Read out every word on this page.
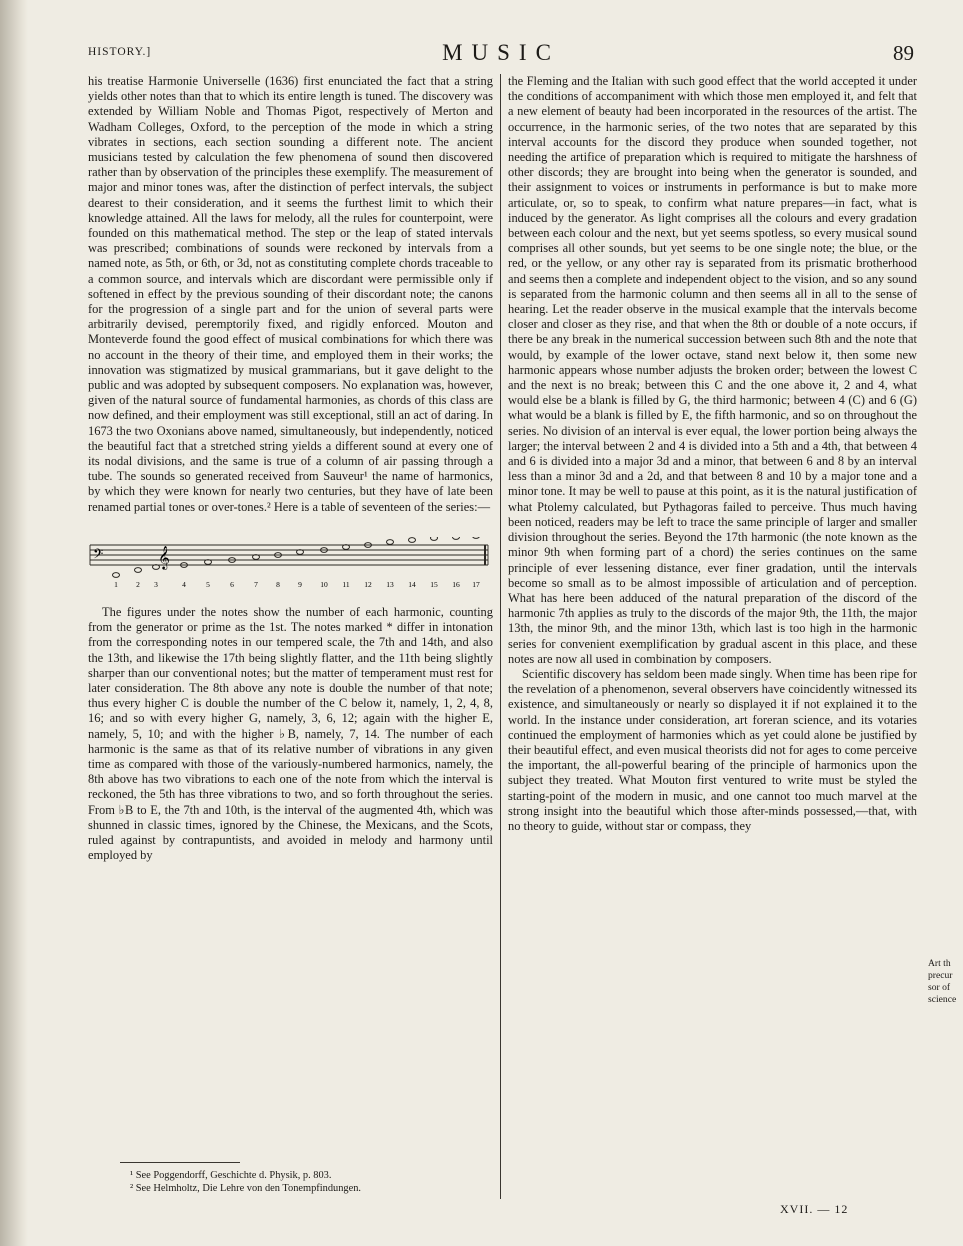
HISTORY.]	MUSIC	89

his treatise Harmonie Universelle (1636) first enunciated the fact that a string yields other notes than that to which its entire length is tuned. The discovery was extended by William Noble and Thomas Pigot, respectively of Merton and Wadham Colleges, Oxford, to the perception of the mode in which a string vibrates in sections, each section sounding a different note. The ancient musicians tested by calculation the few phenomena of sound then discovered rather than by observation of the principles these exemplify. The measurement of major and minor tones was, after the distinction of perfect intervals, the subject dearest to their consideration, and it seems the furthest limit to which their knowledge attained. All the laws for melody, all the rules for counterpoint, were founded on this mathematical method. The step or the leap of stated intervals was prescribed; combinations of sounds were reckoned by intervals from a named note, as 5th, or 6th, or 3d, not as constituting complete chords traceable to a common source, and intervals which are discordant were permissible only if softened in effect by the previous sounding of their discordant note; the canons for the progression of a single part and for the union of several parts were arbitrarily devised, peremptorily fixed, and rigidly enforced. Mouton and Monteverde found the good effect of musical combinations for which there was no account in the theory of their time, and employed them in their works; the innovation was stigmatized by musical grammarians, but it gave delight to the public and was adopted by subsequent composers. No explanation was, however, given of the natural source of fundamental harmonies, as chords of this class are now defined, and their employment was still exceptional, still an act of daring. In 1673 the two Oxonians above named, simultaneously, but independently, noticed the beautiful fact that a stretched string yields a different sound at every one of its nodal divisions, and the same is true of a column of air passing through a tube. The sounds so generated received from Sauveur¹ the name of harmonics, by which they were known for nearly two centuries, but they have of late been renamed partial tones or over-tones.² Here is a table of seventeen of the series:—

𝄢	𝄞
1 2 3	4	5	6	7 8 9 10 11 12 13 14 15 16 17

The figures under the notes show the number of each harmonic, counting from the generator or prime as the 1st. The notes marked * differ in intonation from the corresponding notes in our tempered scale, the 7th and 14th, and also the 13th, and likewise the 17th being slightly flatter, and the 11th being slightly sharper than our conventional notes; but the matter of temperament must rest for later consideration. The 8th above any note is double the number of that note; thus every higher C is double the number of the C below it, namely, 1, 2, 4, 8, 16; and so with every higher G, namely, 3, 6, 12; again with the higher E, namely, 5, 10; and with the higher ♭B, namely, 7, 14. The number of each harmonic is the same as that of its relative number of vibrations in any given time as compared with those of the variously-numbered harmonics, namely, the 8th above has two vibrations to each one of the note from which the interval is reckoned, the 5th has three vibrations to two, and so forth throughout the series. From ♭B to E, the 7th and 10th, is the interval of the augmented 4th, which was shunned in classic times, ignored by the Chinese, the Mexicans, and the Scots, ruled against by contrapuntists, and avoided in melody and harmony until employed by

the Fleming and the Italian with such good effect that the world accepted it under the conditions of accompaniment with which those men employed it, and felt that a new element of beauty had been incorporated in the resources of the artist. The occurrence, in the harmonic series, of the two notes that are separated by this interval accounts for the discord they produce when sounded together, not needing the artifice of preparation which is required to mitigate the harshness of other discords; they are brought into being when the generator is sounded, and their assignment to voices or instruments in performance is but to make more articulate, or, so to speak, to confirm what nature prepares—in fact, what is induced by the generator. As light comprises all the colours and every gradation between each colour and the next, but yet seems spotless, so every musical sound comprises all other sounds, but yet seems to be one single note; the blue, or the red, or the yellow, or any other ray is separated from its prismatic brotherhood and seems then a complete and independent object to the vision, and so any sound is separated from the harmonic column and then seems all in all to the sense of hearing. Let the reader observe in the musical example that the intervals become closer and closer as they rise, and that when the 8th or double of a note occurs, if there be any break in the numerical succession between such 8th and the note that would, by example of the lower octave, stand next below it, then some new harmonic appears whose number adjusts the broken order; between the lowest C and the next is no break; between this C and the one above it, 2 and 4, what would else be a blank is filled by G, the third harmonic; between 4 (C) and 6 (G) what would be a blank is filled by E, the fifth harmonic, and so on throughout the series. No division of an interval is ever equal, the lower portion being always the larger; the interval between 2 and 4 is divided into a 5th and a 4th, that between 4 and 6 is divided into a major 3d and a minor, that between 6 and 8 by an interval less than a minor 3d and a 2d, and that between 8 and 10 by a major tone and a minor tone. It may be well to pause at this point, as it is the natural justification of what Ptolemy calculated, but Pythagoras failed to perceive. Thus much having been noticed, readers may be left to trace the same principle of larger and smaller division throughout the series. Beyond the 17th harmonic (the note known as the minor 9th when forming part of a chord) the series continues on the same principle of ever lessening distance, ever finer gradation, until the intervals become so small as to be almost impossible of articulation and of perception. What has here been adduced of the natural preparation of the discord of the harmonic 7th applies as truly to the discords of the major 9th, the 11th, the major 13th, the minor 9th, and the minor 13th, which last is too high in the harmonic series for convenient exemplification by gradual ascent in this place, and these notes are now all used in combination by composers.

Scientific discovery has seldom been made singly. When time has been ripe for the revelation of a phenomenon, several observers have coincidently witnessed its existence, and simultaneously or nearly so displayed it if not explained it to the world. In the instance under consideration, art foreran science, and its votaries continued the employment of harmonies which as yet could alone be justified by their beautiful effect, and even musical theorists did not for ages to come perceive the important, the all-powerful bearing of the principle of harmonics upon the subject they treated. What Mouton first ventured to write must be styled the starting-point of the modern in music, and one cannot too much marvel at the strong insight into the beautiful which those after-minds possessed,—that, with no theory to guide, without star or compass, they

Art th
precur
sor of
science
¹ See Poggendorff, Geschichte d. Physik, p. 803.
² See Helmholtz, Die Lehre von den Tonempfindungen.
XVII. — 12
